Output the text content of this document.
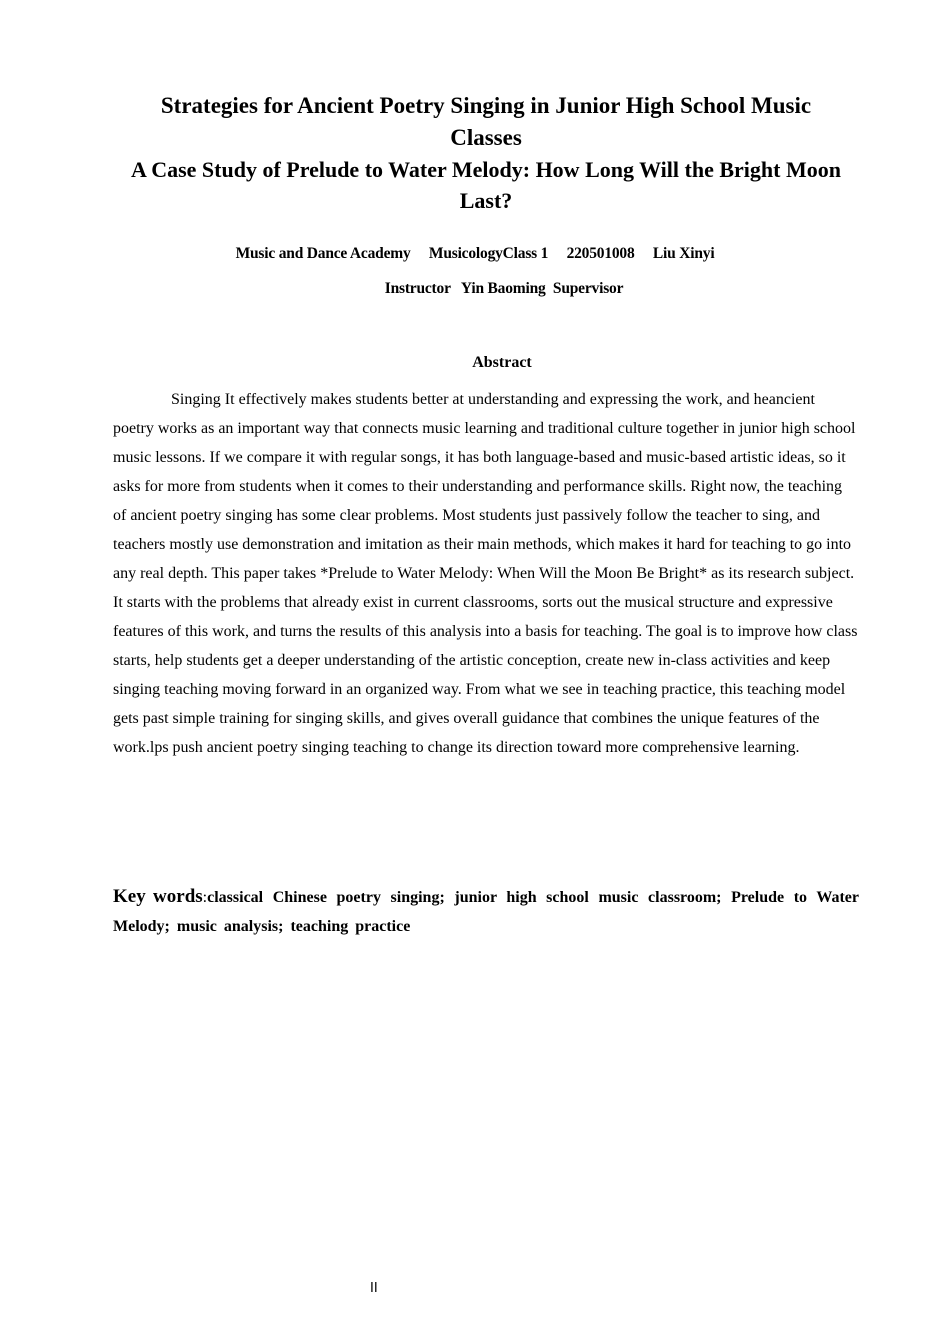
Strategies for Ancient Poetry Singing in Junior High School Music
Classes
A Case Study of Prelude to Water Melody: How Long Will the Bright Moon
Last?
Music and Dance Academy     MusicologyClass 1     220501008     Liu Xinyi
Instructor   Yin Baoming  Supervisor
Abstract
Singing It effectively makes students better at understanding and expressing the work, and heancient poetry works as an important way that connects music learning and traditional culture together in junior high school music lessons. If we compare it with regular songs, it has both language-based and music-based artistic ideas, so it asks for more from students when it comes to their understanding and performance skills. Right now, the teaching of ancient poetry singing has some clear problems. Most students just passively follow the teacher to sing, and teachers mostly use demonstration and imitation as their main methods, which makes it hard for teaching to go into any real depth. This paper takes *Prelude to Water Melody: When Will the Moon Be Bright* as its research subject. It starts with the problems that already exist in current classrooms, sorts out the musical structure and expressive features of this work, and turns the results of this analysis into a basis for teaching. The goal is to improve how class starts, help students get a deeper understanding of the artistic conception, create new in-class activities and keep singing teaching moving forward in an organized way. From what we see in teaching practice, this teaching model gets past simple training for singing skills, and gives overall guidance that combines the unique features of the work.lps push ancient poetry singing teaching to change its direction toward more comprehensive learning.
Key words:classical Chinese poetry singing; junior high school music classroom; Prelude to Water Melody; music analysis; teaching practice
II
